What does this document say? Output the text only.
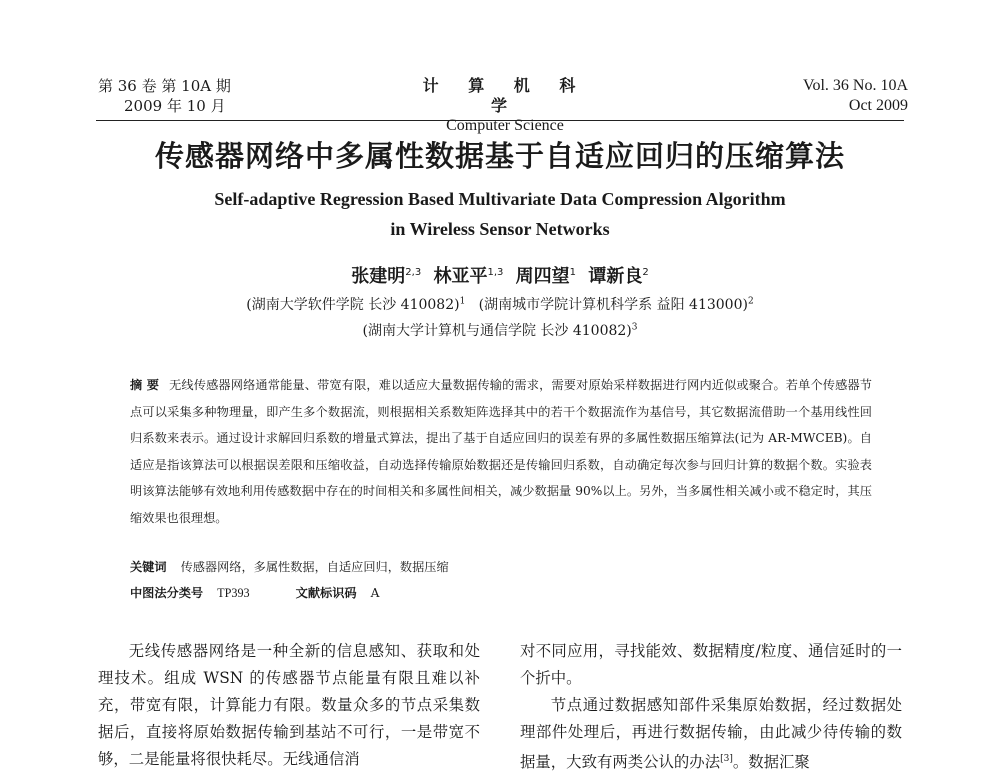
第 36 卷 第 10A 期
2009 年 10 月
计 算 机 科 学
Computer Science
Vol. 36 No. 10A
Oct 2009
传感器网络中多属性数据基于自适应回归的压缩算法
Self-adaptive Regression Based Multivariate Data Compression Algorithm
in Wireless Sensor Networks
张建明$^{2,3}$ 林亚平$^{1,3}$ 周四望$^1$ 谭新良$^2$
(湖南大学软件学院 长沙 410082)$^1$ (湖南城市学院计算机科学系 益阳 413000)$^2$
(湖南大学计算机与通信学院 长沙 410082)$^3$
摘 要 无线传感器网络通常能量、带宽有限，难以适应大量数据传输的需求，需要对原始采样数据进行网内近似或聚合。若单个传感器节点可以采集多种物理量，即产生多个数据流，则根据相关系数矩阵选择其中的若干个数据流作为基信号，其它数据流借助一个基用线性回归系数来表示。通过设计求解回归系数的增量式算法，提出了基于自适应回归的误差有界的多属性数据压缩算法(记为 AR-MWCEB)。自适应是指该算法可以根据误差限和压缩收益，自动选择传输原始数据还是传输回归系数，自动确定每次参与回归计算的数据个数。实验表明该算法能够有效地利用传感数据中存在的时间相关和多属性间相关，减少数据量 90%以上。另外，当多属性相关减小或不稳定时，其压缩效果也很理想。
关键词 传感器网络，多属性数据，自适应回归，数据压缩
中图法分类号 TP393	文献标识码 A

无线传感器网络是一种全新的信息感知、获取和处理技术。组成 WSN 的传感器节点能量有限且难以补充，带宽有限，计算能力有限。数量众多的节点采集数据后，直接将原始数据传输到基站不可行，一是带宽不够，二是能量将很快耗尽。无线通信消

对不同应用，寻找能效、数据精度/粒度、通信延时的一个折中。

节点通过数据感知部件采集原始数据，经过数据处理部件处理后，再进行数据传输，由此减少待传输的数据量，大致有两类公认的办法[3]。数据汇聚
